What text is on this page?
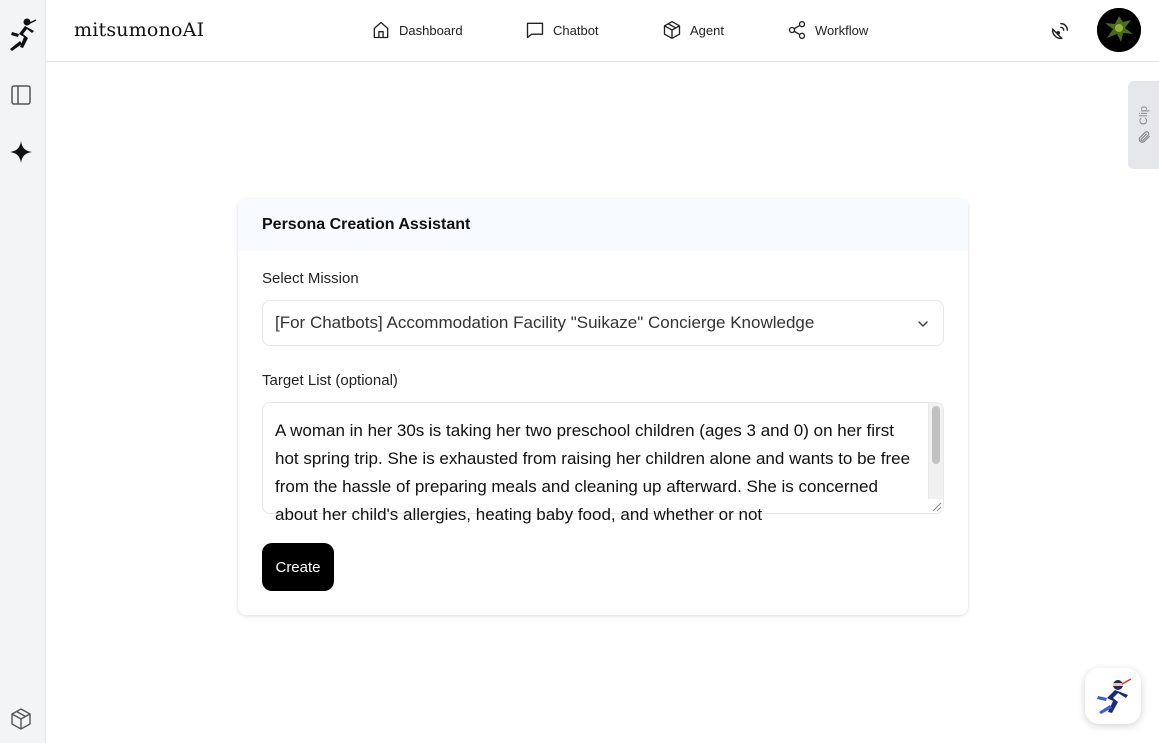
mitsumonoAI	Dashboard	Chatbot	Agent	Workflow
Clip
Persona Creation Assistant
Select Mission
[For Chatbots] Accommodation Facility "Suikaze" Concierge Knowledge
Target List (optional)
A woman in her 30s is taking her two preschool children (ages 3 and 0) on her first hot spring trip. She is exhausted from raising her children alone and wants to be free from the hassle of preparing meals and cleaning up afterward. She is concerned about her child's allergies, heating baby food, and whether or not
Create
